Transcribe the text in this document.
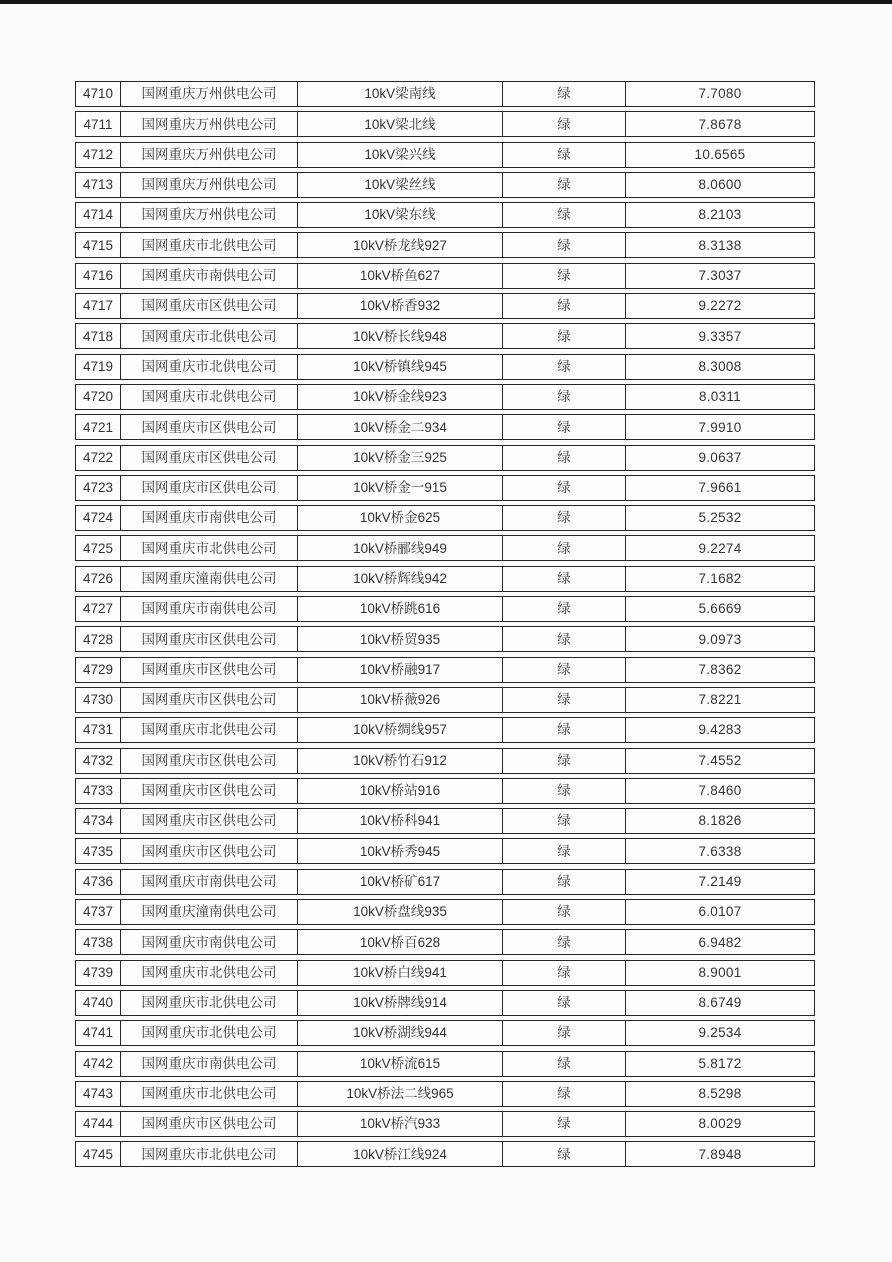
4710	国网重庆万州供电公司	10kV梁南线	绿	7.7080
4711	国网重庆万州供电公司	10kV梁北线	绿	7.8678
4712	国网重庆万州供电公司	10kV梁兴线	绿	10.6565
4713	国网重庆万州供电公司	10kV梁丝线	绿	8.0600
4714	国网重庆万州供电公司	10kV梁东线	绿	8.2103
4715	国网重庆市北供电公司	10kV桥龙线927	绿	8.3138
4716	国网重庆市南供电公司	10kV桥鱼627	绿	7.3037
4717	国网重庆市区供电公司	10kV桥香932	绿	9.2272
4718	国网重庆市北供电公司	10kV桥长线948	绿	9.3357
4719	国网重庆市北供电公司	10kV桥镇线945	绿	8.3008
4720	国网重庆市北供电公司	10kV桥金线923	绿	8.0311
4721	国网重庆市区供电公司	10kV桥金二934	绿	7.9910
4722	国网重庆市区供电公司	10kV桥金三925	绿	9.0637
4723	国网重庆市区供电公司	10kV桥金一915	绿	7.9661
4724	国网重庆市南供电公司	10kV桥金625	绿	5.2532
4725	国网重庆市北供电公司	10kV桥郦线949	绿	9.2274
4726	国网重庆潼南供电公司	10kV桥辉线942	绿	7.1682
4727	国网重庆市南供电公司	10kV桥跳616	绿	5.6669
4728	国网重庆市区供电公司	10kV桥贸935	绿	9.0973
4729	国网重庆市区供电公司	10kV桥融917	绿	7.8362
4730	国网重庆市区供电公司	10kV桥薇926	绿	7.8221
4731	国网重庆市北供电公司	10kV桥绸线957	绿	9.4283
4732	国网重庆市区供电公司	10kV桥竹石912	绿	7.4552
4733	国网重庆市区供电公司	10kV桥站916	绿	7.8460
4734	国网重庆市区供电公司	10kV桥科941	绿	8.1826
4735	国网重庆市区供电公司	10kV桥秀945	绿	7.6338
4736	国网重庆市南供电公司	10kV桥矿617	绿	7.2149
4737	国网重庆潼南供电公司	10kV桥盘线935	绿	6.0107
4738	国网重庆市南供电公司	10kV桥百628	绿	6.9482
4739	国网重庆市北供电公司	10kV桥白线941	绿	8.9001
4740	国网重庆市北供电公司	10kV桥牌线914	绿	8.6749
4741	国网重庆市北供电公司	10kV桥湖线944	绿	9.2534
4742	国网重庆市南供电公司	10kV桥流615	绿	5.8172
4743	国网重庆市北供电公司	10kV桥法二线965	绿	8.5298
4744	国网重庆市区供电公司	10kV桥汽933	绿	8.0029
4745	国网重庆市北供电公司	10kV桥江线924	绿	7.8948
